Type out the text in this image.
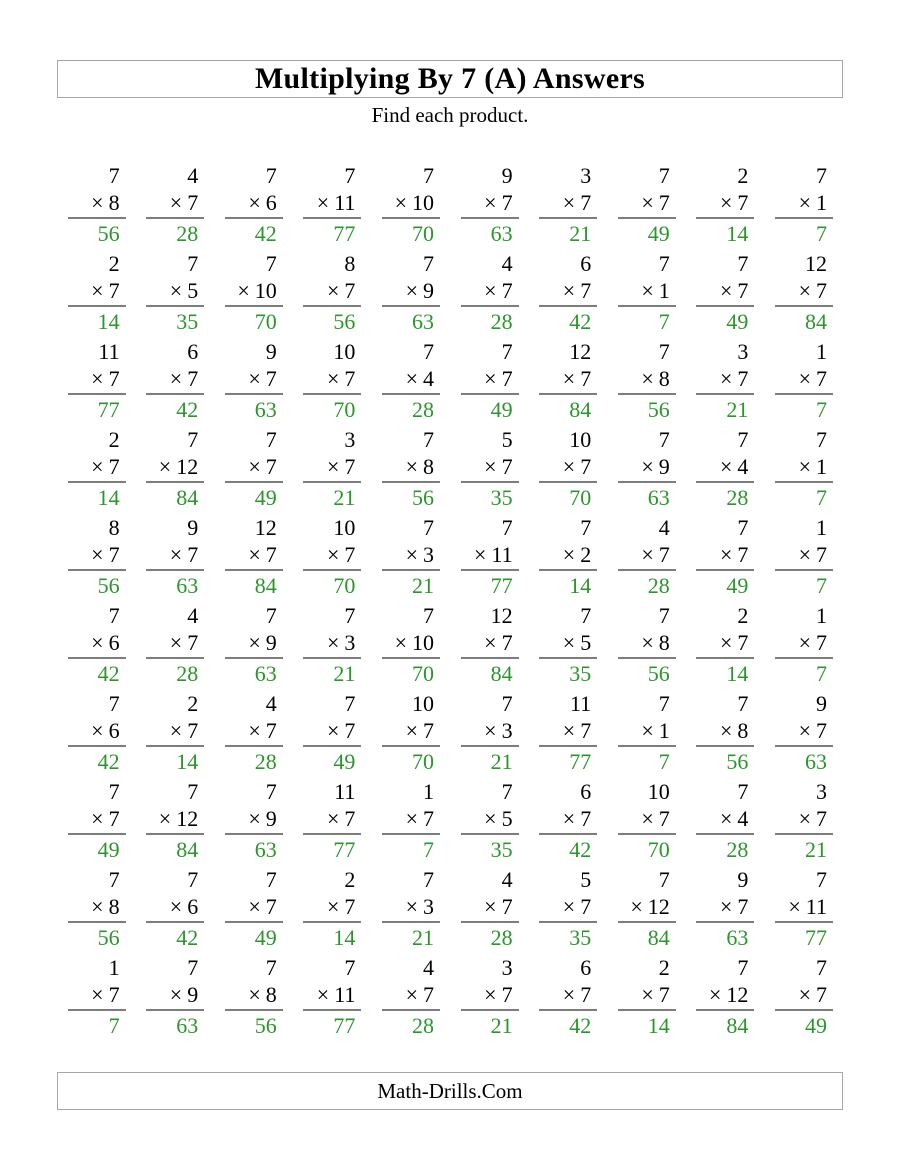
Multiplying By 7 (A) Answers
Find each product.
7
× 8
56
4
× 7
28
7
× 6
42
7
× 11
77
7
× 10
70
9
× 7
63
3
× 7
21
7
× 7
49
2
× 7
14
7
× 1
7
2
× 7
14
7
× 5
35
7
× 10
70
8
× 7
56
7
× 9
63
4
× 7
28
6
× 7
42
7
× 1
7
7
× 7
49
12
× 7
84
11
× 7
77
6
× 7
42
9
× 7
63
10
× 7
70
7
× 4
28
7
× 7
49
12
× 7
84
7
× 8
56
3
× 7
21
1
× 7
7
2
× 7
14
7
× 12
84
7
× 7
49
3
× 7
21
7
× 8
56
5
× 7
35
10
× 7
70
7
× 9
63
7
× 4
28
7
× 1
7
8
× 7
56
9
× 7
63
12
× 7
84
10
× 7
70
7
× 3
21
7
× 11
77
7
× 2
14
4
× 7
28
7
× 7
49
1
× 7
7
7
× 6
42
4
× 7
28
7
× 9
63
7
× 3
21
7
× 10
70
12
× 7
84
7
× 5
35
7
× 8
56
2
× 7
14
1
× 7
7
7
× 6
42
2
× 7
14
4
× 7
28
7
× 7
49
10
× 7
70
7
× 3
21
11
× 7
77
7
× 1
7
7
× 8
56
9
× 7
63
7
× 7
49
7
× 12
84
7
× 9
63
11
× 7
77
1
× 7
7
7
× 5
35
6
× 7
42
10
× 7
70
7
× 4
28
3
× 7
21
7
× 8
56
7
× 6
42
7
× 7
49
2
× 7
14
7
× 3
21
4
× 7
28
5
× 7
35
7
× 12
84
9
× 7
63
7
× 11
77
1
× 7
7
7
× 9
63
7
× 8
56
7
× 11
77
4
× 7
28
3
× 7
21
6
× 7
42
2
× 7
14
7
× 12
84
7
× 7
49
Math-Drills.Com
